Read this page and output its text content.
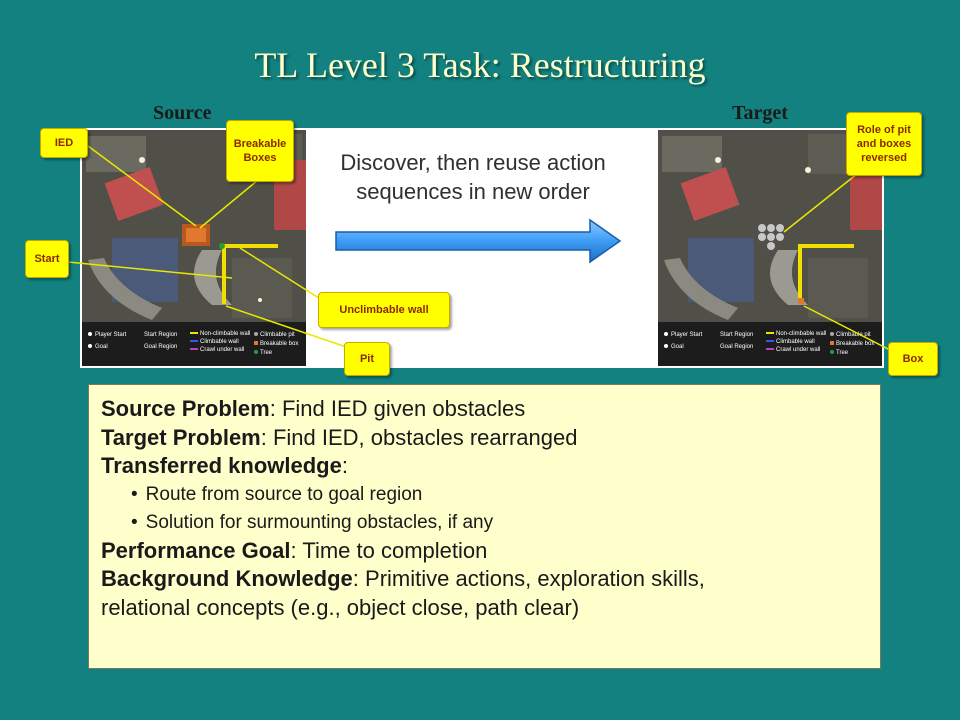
TL Level 3 Task: Restructuring
Source	Target
Player Start
Goal
Start Region
Goal Region
Non-climbable wall
Climbable wall
Crawl under wall
Climbable pit
Breakable box
Tree
Player Start
Goal
Start Region
Goal Region
Non-climbable wall
Climbable wall
Crawl under wall
Climbable pit
Breakable box
Tree
Discover, then reuse action
sequences in new order
IED	Breakable
Boxes
Start
Unclimbable wall
Pit
Role of pit
and boxes
reversed
Box
Source Problem: Find IED given obstacles
Target Problem: Find IED, obstacles rearranged
Transferred knowledge:
• Route from source to goal region
• Solution for surmounting obstacles, if any
Performance Goal: Time to completion
Background Knowledge: Primitive actions, exploration skills,
relational concepts (e.g., object close, path clear)
